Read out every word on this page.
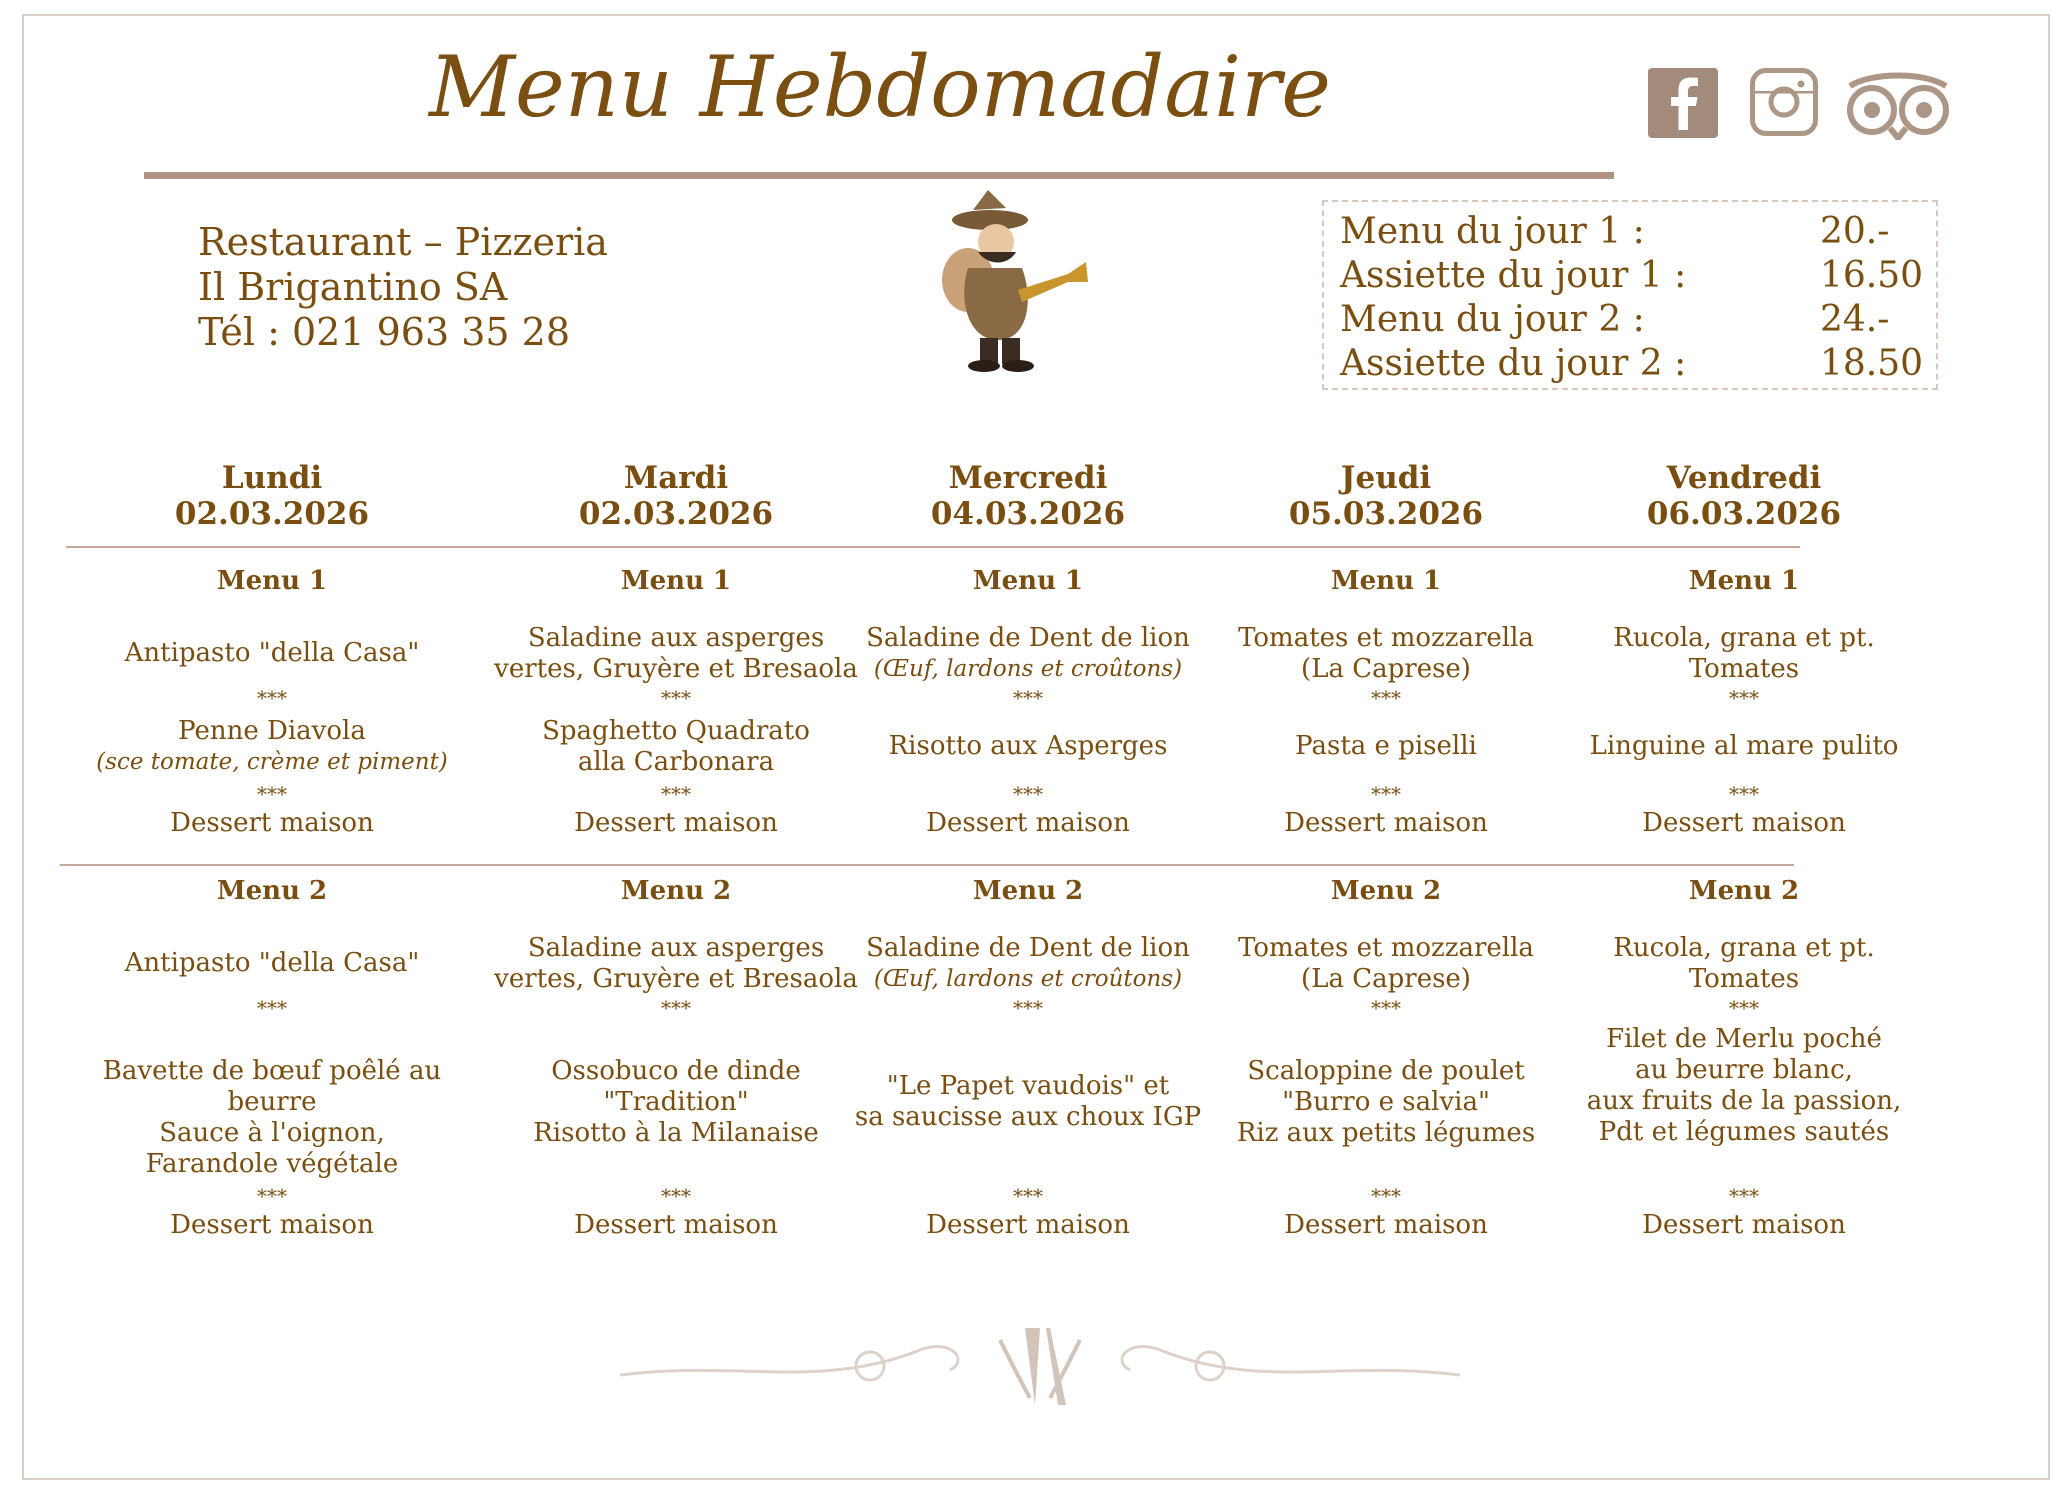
Menu Hebdomadaire
Restaurant – Pizzeria
Il Brigantino SA
Tél : 021 963 35 28
Menu du jour 1 :	20.-
Assiette du jour 1 :	16.50
Menu du jour 2 :	24.-
Assiette du jour 2 :	18.50
Lundi
02.03.2026
Menu 1
Antipasto "della Casa"
***
Penne Diavola
(sce tomate, crème et piment)
***
Dessert maison
Menu 2
Antipasto "della Casa"
***
Bavette de bœuf poêlé au beurre
Sauce à l'oignon,
Farandole végétale
***
Dessert maison
Mardi
02.03.2026
Menu 1
Saladine aux asperges
vertes, Gruyère et Bresaola
***
Spaghetto Quadrato
alla Carbonara
***
Dessert maison
Menu 2
Saladine aux asperges
vertes, Gruyère et Bresaola
***
Ossobuco de dinde
"Tradition"
Risotto à la Milanaise
***
Dessert maison
Mercredi
04.03.2026
Menu 1
Saladine de Dent de lion
(Œuf, lardons et croûtons)
***
Risotto aux Asperges
***
Dessert maison
Menu 2
Saladine de Dent de lion
(Œuf, lardons et croûtons)
***
"Le Papet vaudois" et
sa saucisse aux choux IGP
***
Dessert maison
Jeudi
05.03.2026
Menu 1
Tomates et mozzarella
(La Caprese)
***
Pasta e piselli
***
Dessert maison
Menu 2
Tomates et mozzarella
(La Caprese)
***
Scaloppine de poulet
"Burro e salvia"
Riz aux petits légumes
***
Dessert maison
Vendredi
06.03.2026
Menu 1
Rucola, grana et pt.
Tomates
***
Linguine al mare pulito
***
Dessert maison
Menu 2
Rucola, grana et pt.
Tomates
***
Filet de Merlu poché
au beurre blanc,
aux fruits de la passion,
Pdt et légumes sautés
***
Dessert maison
